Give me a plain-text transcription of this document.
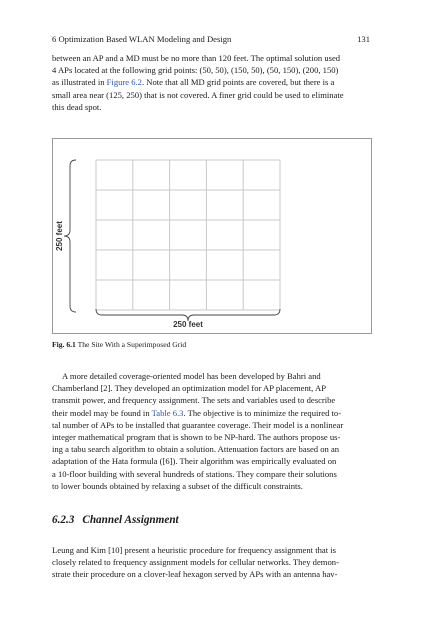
6 Optimization Based WLAN Modeling and Design	131

between an AP and a MD must be no more than 120 feet. The optimal solution used
4 APs located at the following grid points: (50, 50), (150, 50), (50, 150), (200, 150)
as illustrated in Figure 6.2. Note that all MD grid points are covered, but there is a
small area near (125, 250) that is not covered. A finer grid could be used to eliminate
this dead spot.

250 feet
250 feet
Fig. 6.1 The Site With a Superimposed Grid

A more detailed coverage-oriented model has been developed by Bahri and
Chamberland [2]. They developed an optimization model for AP placement, AP
transmit power, and frequency assignment. The sets and variables used to describe
their model may be found in Table 6.3. The objective is to minimize the required to-
tal number of APs to be installed that guarantee coverage. Their model is a nonlinear
integer mathematical program that is shown to be NP-hard. The authors propose us-
ing a tabu search algorithm to obtain a solution. Attenuation factors are based on an
adaptation of the Hata formula ([6]). Their algorithm was empirically evaluated on
a 10-floor building with several hundreds of stations. They compare their solutions
to lower bounds obtained by relaxing a subset of the difficult constraints.

6.2.3 Channel Assignment

Leung and Kim [10] present a heuristic procedure for frequency assignment that is
closely related to frequency assignment models for cellular networks. They demon-
strate their procedure on a clover-leaf hexagon served by APs with an antenna hav-
